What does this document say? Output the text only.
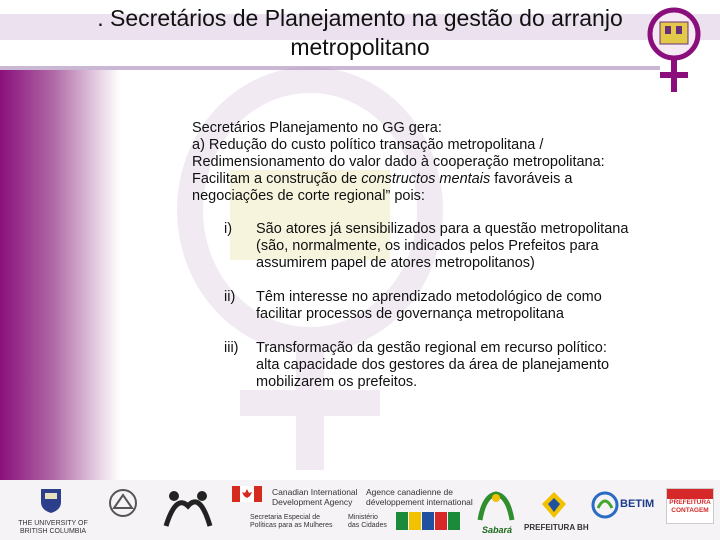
. Secretários de Planejamento na gestão do arranjo
metropolitano
Secretários Planejamento no GG gera:
a) Redução do custo político transação metropolitana /
Redimensionamento do valor dado à cooperação metropolitana:
Facilitam a construção de constructos mentais favoráveis a
negociações de corte regional” pois:
i)	São atores já sensibilizados para a questão metropolitana
(são, normalmente, os indicados pelos Prefeitos para
assumirem papel de atores metropolitanos)
ii)	Têm interesse no aprendizado metodológico de como
facilitar processos de governança metropolitana
iii)	Transformação da gestão regional em recurso político:
alta capacidade dos gestores da área de planejamento
mobilizarem os prefeitos.
THE UNIVERSITY OF BRITISH COLUMBIA
Canadian International
Development Agency
Agence canadienne de
développement international
Secretaria Especial de
Políticas para as Mulheres
Ministério
das Cidades	Sabará PREFEITURA BH
BETIM	PREFEITURA
CONTAGEM
